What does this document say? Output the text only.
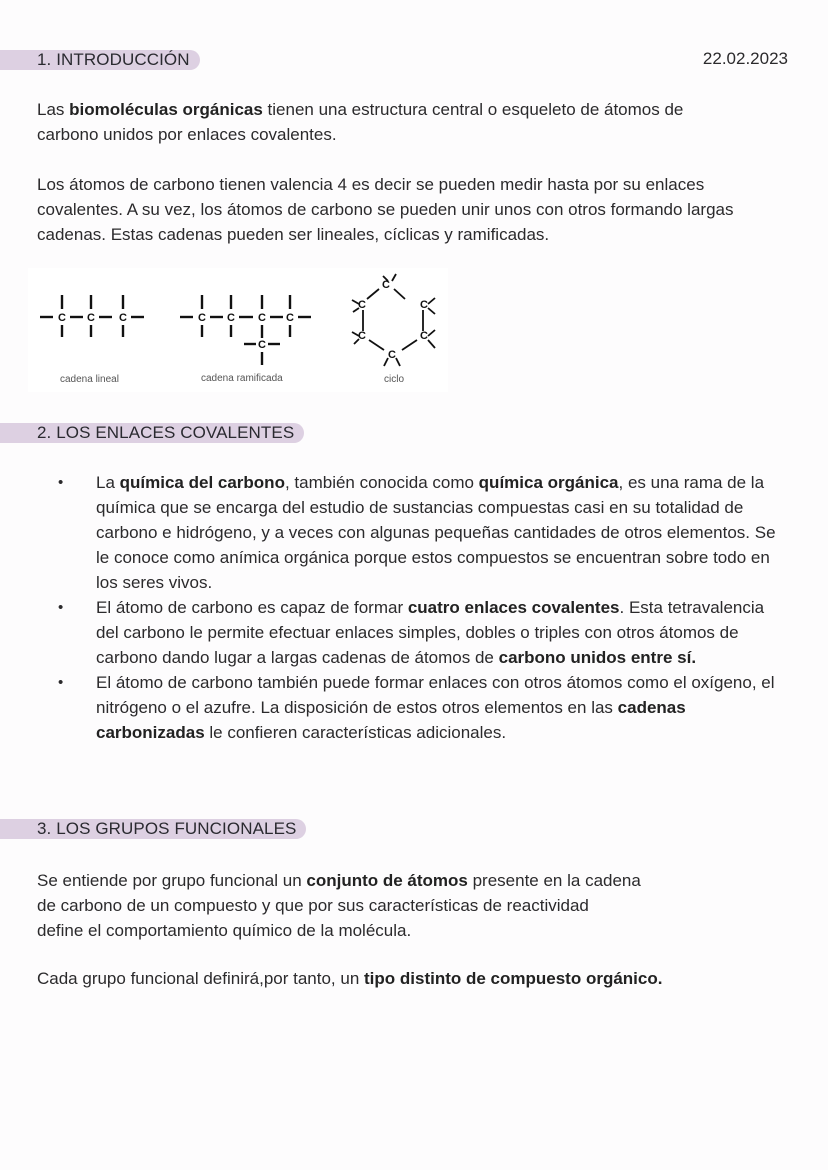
1. INTRODUCCIÓN	22.02.2023

Las biomoléculas orgánicas tienen una estructura central o esqueleto de átomos de carbono unidos por enlaces covalentes.

Los átomos de carbono tienen valencia 4 es decir se pueden medir hasta por su enlaces covalentes. A su vez, los átomos de carbono se pueden unir unos con otros formando largas cadenas. Estas cadenas pueden ser lineales, cíclicas y ramificadas.

C C C	C C C C
C
C
C	C
C	C
C
cadena lineal	cadena ramificada	ciclo
2. LOS ENLACES COVALENTES
• La química del carbono, también conocida como química orgánica, es una rama de la química que se encarga del estudio de sustancias compuestas casi en su totalidad de carbono e hidrógeno, y a veces con algunas pequeñas cantidades de otros elementos. Se le conoce como anímica orgánica porque estos compuestos se encuentran sobre todo en los seres vivos.
• El átomo de carbono es capaz de formar cuatro enlaces covalentes. Esta tetravalencia del carbono le permite efectuar enlaces simples, dobles o triples con otros átomos de carbono dando lugar a largas cadenas de átomos de carbono unidos entre sí.
• El átomo de carbono también puede formar enlaces con otros átomos como el oxígeno, el nitrógeno o el azufre. La disposición de estos otros elementos en las cadenas carbonizadas le confieren características adicionales.
3. LOS GRUPOS FUNCIONALES

Se entiende por grupo funcional un conjunto de átomos presente en la cadena
de carbono de un compuesto y que por sus características de reactividad
define el comportamiento químico de la molécula.

Cada grupo funcional definirá,por tanto, un tipo distinto de compuesto orgánico.
